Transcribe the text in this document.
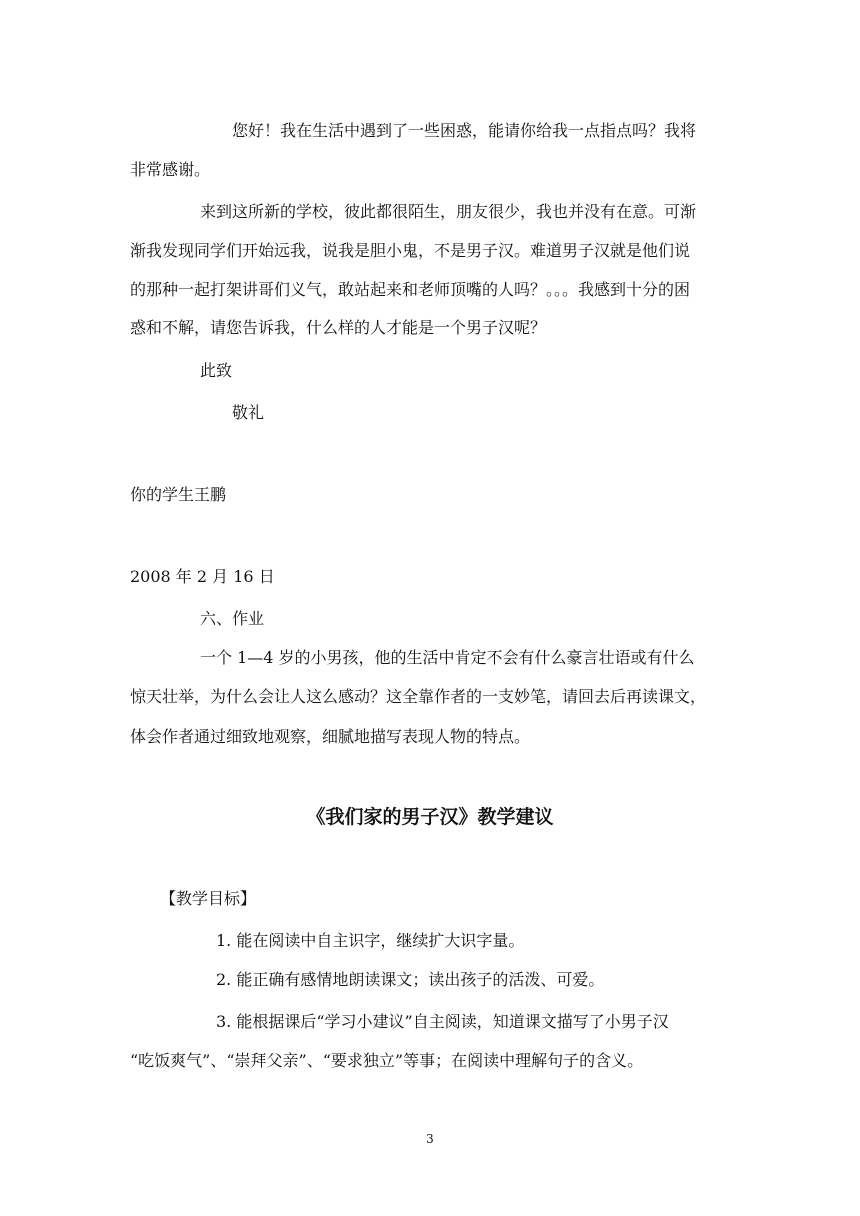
您好！我在生活中遇到了一些困惑，能请你给我一点指点吗？我将
非常感谢。
来到这所新的学校，彼此都很陌生，朋友很少，我也并没有在意。可渐
渐我发现同学们开始远我，说我是胆小鬼，不是男子汉。难道男子汉就是他们说
的那种一起打架讲哥们义气，敢站起来和老师顶嘴的人吗？。。。我感到十分的困
惑和不解，请您告诉我，什么样的人才能是一个男子汉呢？
此致
敬礼
你的学生王鹏
2008 年 2 月 16 日
六、作业
一个 1—4 岁的小男孩，他的生活中肯定不会有什么豪言壮语或有什么
惊天壮举，为什么会让人这么感动？这全靠作者的一支妙笔，请回去后再读课文，
体会作者通过细致地观察，细腻地描写表现人物的特点。
《我们家的男子汉》教学建议
【教学目标】
1. 能在阅读中自主识字，继续扩大识字量。
2. 能正确有感情地朗读课文；读出孩子的活泼、可爱。
3. 能根据课后“学习小建议”自主阅读，知道课文描写了小男子汉
“吃饭爽气”、“崇拜父亲”、“要求独立”等事；在阅读中理解句子的含义。
3
